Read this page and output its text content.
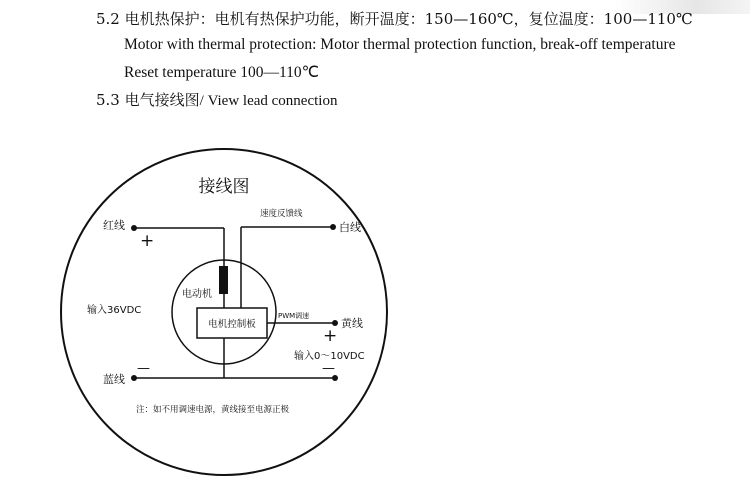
5.2 电机热保护：电机有热保护功能，断开温度：150—160℃，复位温度：100—110℃
Motor with thermal protection: Motor thermal protection function, break-off temperature
Reset temperature 100—110℃
5.3 电气接线图/ View lead connection
接线图
红线
+
速度反馈线
白线
电动机
电机控制板
PWM调速
黄线
+
输入36VDC
输入0～10VDC
蓝线
—	—
注：如不用调速电源，黄线接至电源正极
